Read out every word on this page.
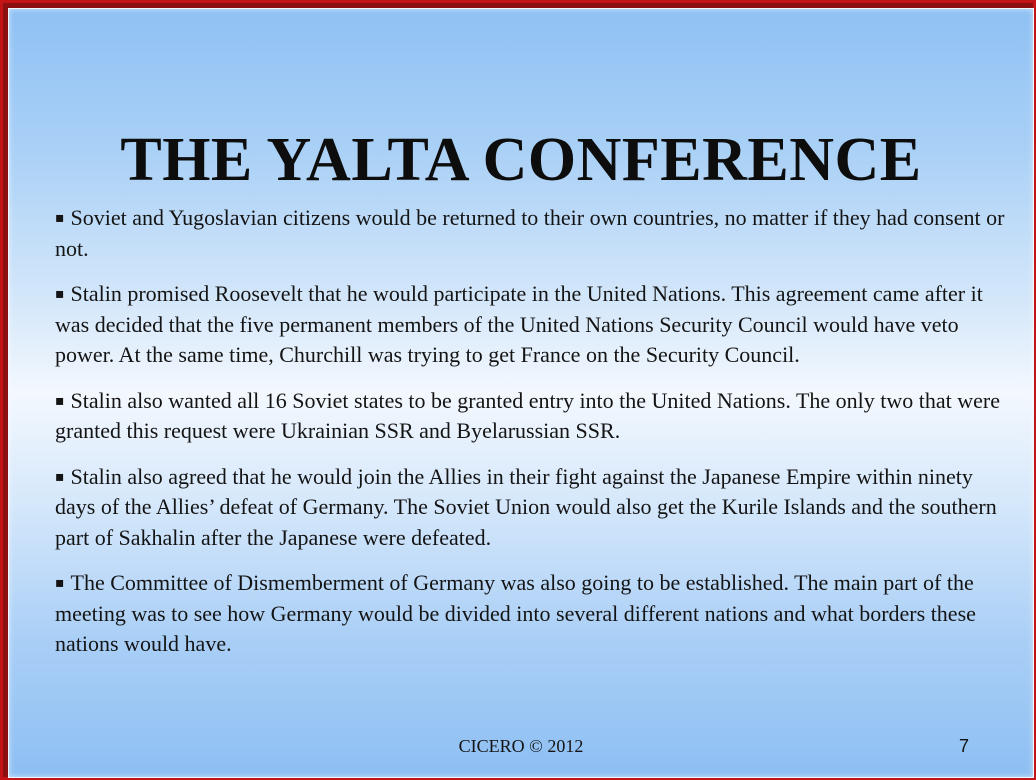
THE YALTA CONFERENCE
▪ Soviet and Yugoslavian citizens would be returned to their own countries, no matter if they had consent or not.
▪ Stalin promised Roosevelt that he would participate in the United Nations. This agreement came after it was decided that the five permanent members of the United Nations Security Council would have veto power. At the same time, Churchill was trying to get France on the Security Council.
▪ Stalin also wanted all 16 Soviet states to be granted entry into the United Nations. The only two that were granted this request were Ukrainian SSR and Byelarussian SSR.
▪ Stalin also agreed that he would join the Allies in their fight against the Japanese Empire within ninety days of the Allies’ defeat of Germany. The Soviet Union would also get the Kurile Islands and the southern part of Sakhalin after the Japanese were defeated.
▪ The Committee of Dismemberment of Germany was also going to be established. The main part of the meeting was to see how Germany would be divided into several different nations and what borders these nations would have.
CICERO © 2012	7
